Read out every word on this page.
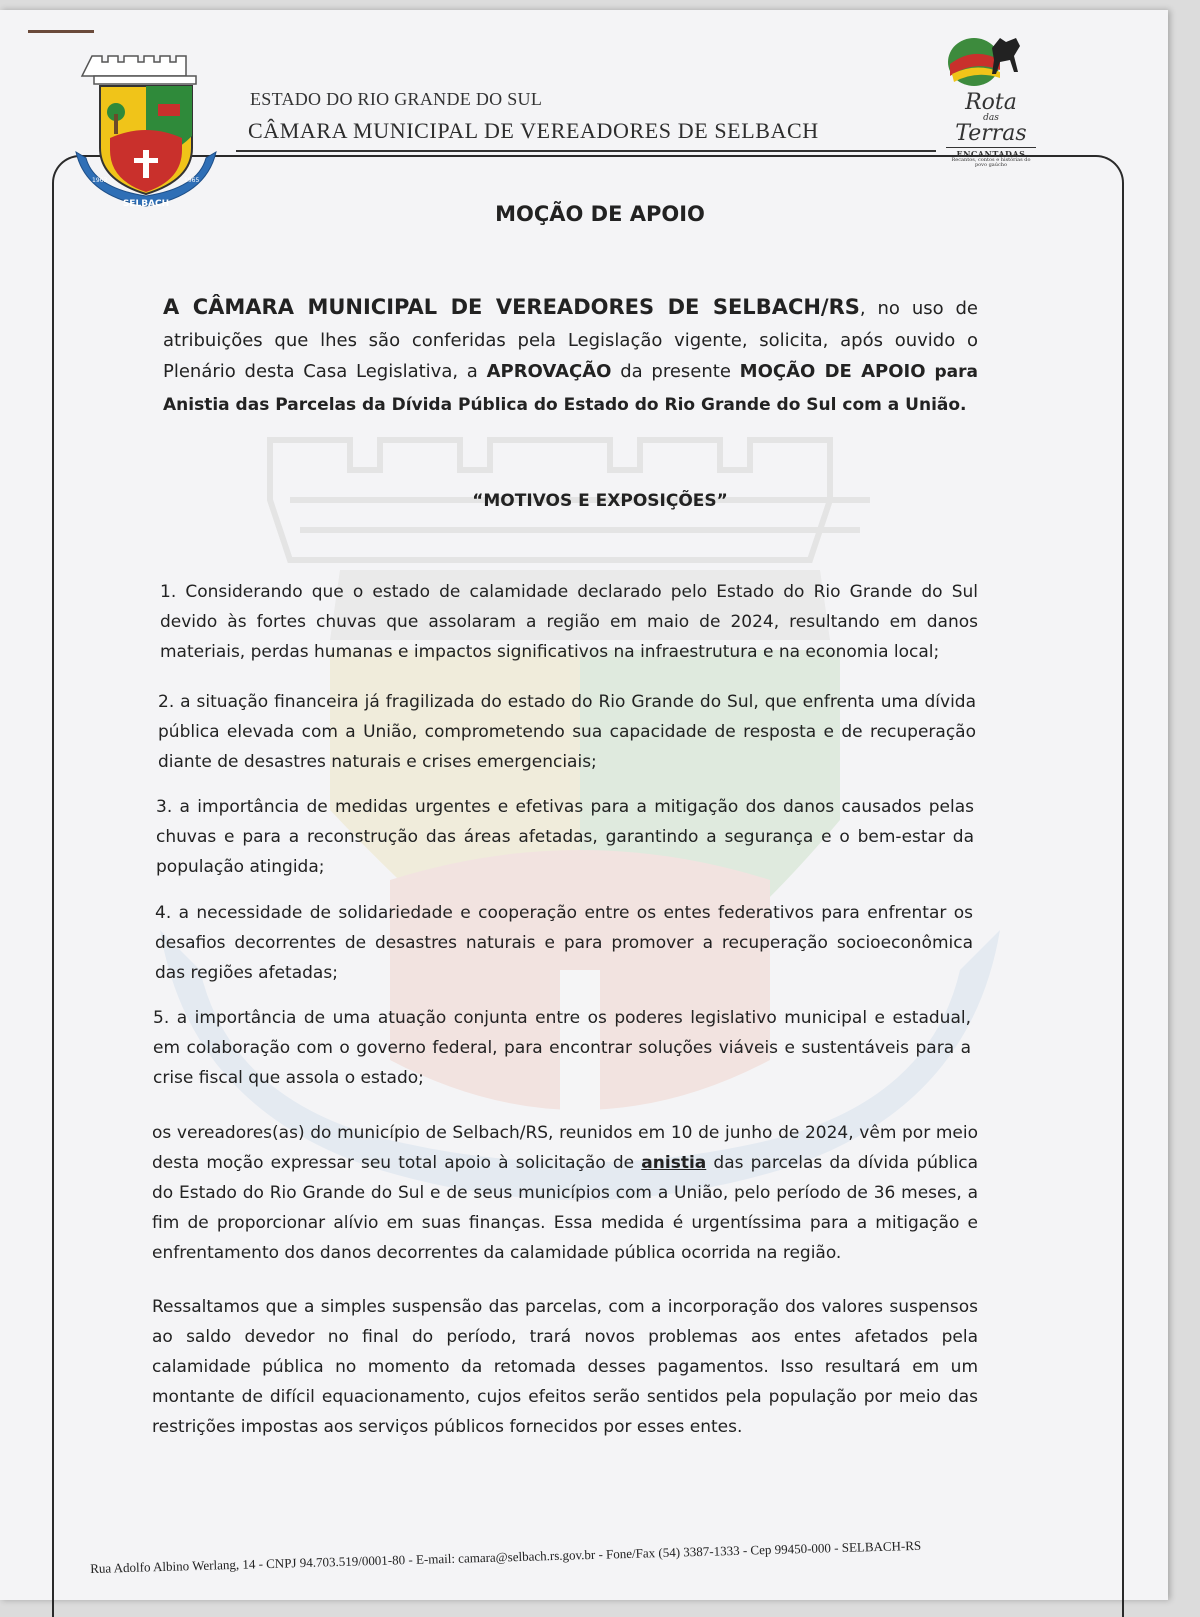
SELBACH
1963	1965
Rota
das
Terras
ENCANTADAS
Recantos, contos e histórias do povo gaúcho
ESTADO DO RIO GRANDE DO SUL
CÂMARA MUNICIPAL DE VEREADORES DE SELBACH
MOÇÃO DE APOIO
A CÂMARA MUNICIPAL DE VEREADORES DE SELBACH/RS, no uso de atribuições que lhes são conferidas pela Legislação vigente, solicita, após ouvido o Plenário desta Casa Legislativa, a APROVAÇÃO da presente MOÇÃO DE APOIO para Anistia das Parcelas da Dívida Pública do Estado do Rio Grande do Sul com a União.
“MOTIVOS E EXPOSIÇÕES”
1. Considerando que o estado de calamidade declarado pelo Estado do Rio Grande do Sul devido às fortes chuvas que assolaram a região em maio de 2024, resultando em danos materiais, perdas humanas e impactos significativos na infraestrutura e na economia local;
2. a situação financeira já fragilizada do estado do Rio Grande do Sul, que enfrenta uma dívida pública elevada com a União, comprometendo sua capacidade de resposta e de recuperação diante de desastres naturais e crises emergenciais;
3. a importância de medidas urgentes e efetivas para a mitigação dos danos causados pelas chuvas e para a reconstrução das áreas afetadas, garantindo a segurança e o bem-estar da população atingida;
4. a necessidade de solidariedade e cooperação entre os entes federativos para enfrentar os desafios decorrentes de desastres naturais e para promover a recuperação socioeconômica das regiões afetadas;
5. a importância de uma atuação conjunta entre os poderes legislativo municipal e estadual, em colaboração com o governo federal, para encontrar soluções viáveis e sustentáveis para a crise fiscal que assola o estado;
os vereadores(as) do município de Selbach/RS, reunidos em 10 de junho de 2024, vêm por meio desta moção expressar seu total apoio à solicitação de anistia das parcelas da dívida pública do Estado do Rio Grande do Sul e de seus municípios com a União, pelo período de 36 meses, a fim de proporcionar alívio em suas finanças. Essa medida é urgentíssima para a mitigação e enfrentamento dos danos decorrentes da calamidade pública ocorrida na região.
Ressaltamos que a simples suspensão das parcelas, com a incorporação dos valores suspensos ao saldo devedor no final do período, trará novos problemas aos entes afetados pela calamidade pública no momento da retomada desses pagamentos. Isso resultará em um montante de difícil equacionamento, cujos efeitos serão sentidos pela população por meio das restrições impostas aos serviços públicos fornecidos por esses entes.
Rua Adolfo Albino Werlang, 14 - CNPJ 94.703.519/0001-80 - E-mail: camara@selbach.rs.gov.br - Fone/Fax (54) 3387-1333 - Cep 99450-000 - SELBACH-RS
